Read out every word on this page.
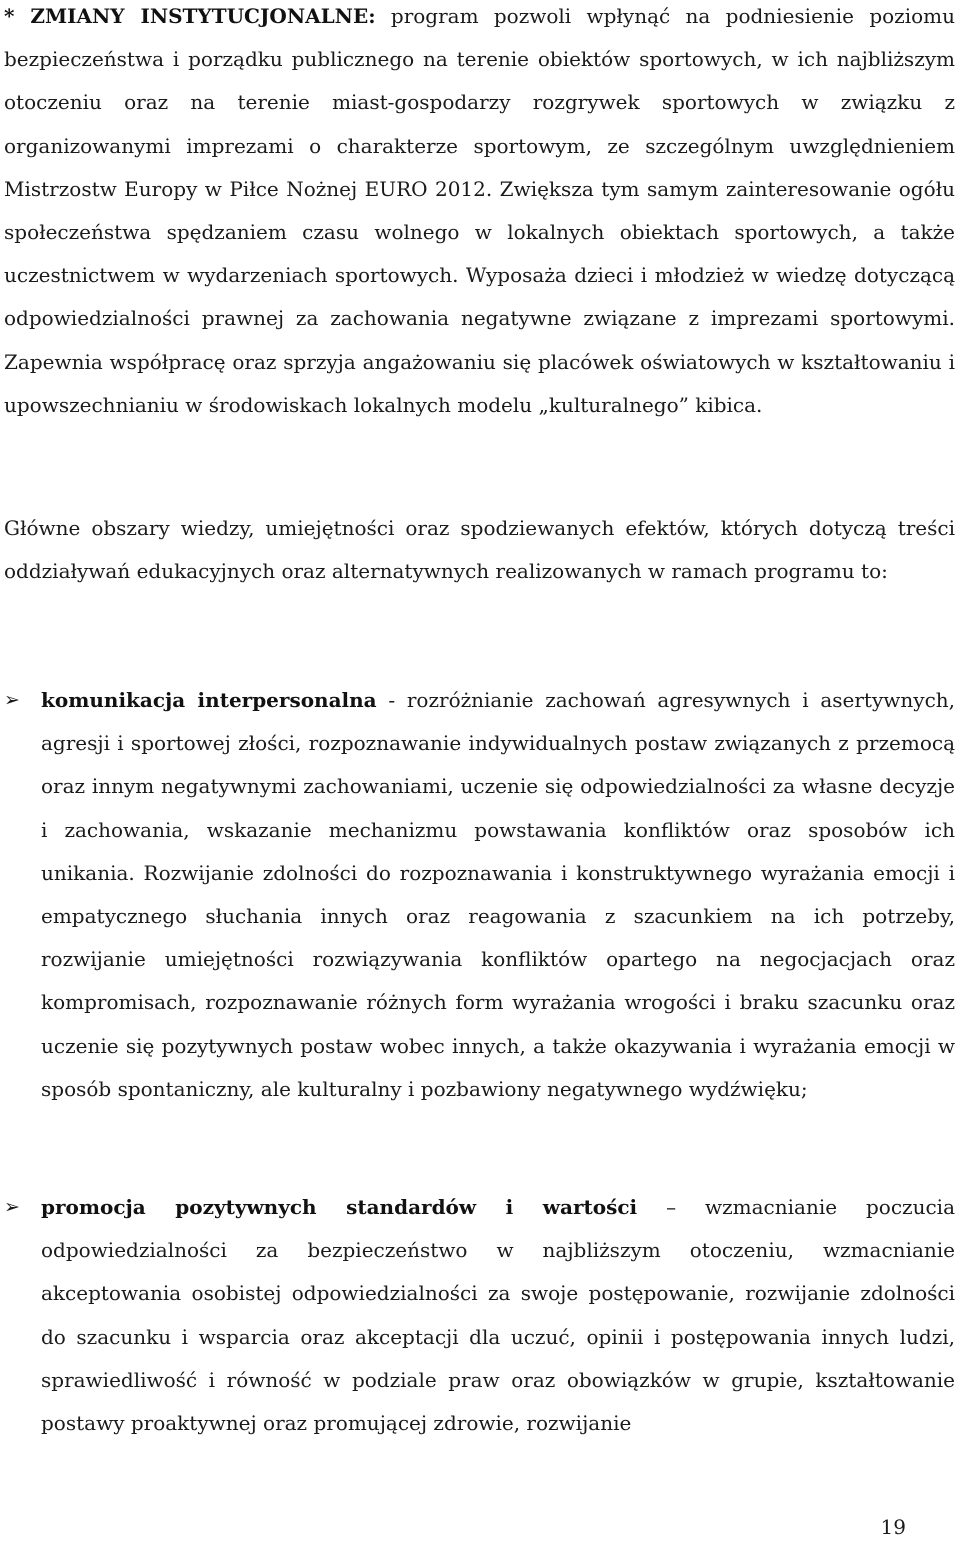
* ZMIANY INSTYTUCJONALNE: program pozwoli wpłynąć na podniesienie poziomu bezpieczeństwa i porządku publicznego na terenie obiektów sportowych, w ich najbliższym otoczeniu oraz na terenie miast-gospodarzy rozgrywek sportowych w związku z organizowanymi imprezami o charakterze sportowym, ze szczególnym uwzględnieniem Mistrzostw Europy w Piłce Nożnej EURO 2012. Zwiększa tym samym zainteresowanie ogółu społeczeństwa spędzaniem czasu wolnego w lokalnych obiektach sportowych, a także uczestnictwem w wydarzeniach sportowych. Wyposaża dzieci i młodzież w wiedzę dotyczącą odpowiedzialności prawnej za zachowania negatywne związane z imprezami sportowymi. Zapewnia współpracę oraz sprzyja angażowaniu się placówek oświatowych w kształtowaniu i upowszechnianiu w środowiskach lokalnych modelu „kulturalnego” kibica.

Główne obszary wiedzy, umiejętności oraz spodziewanych efektów, których dotyczą treści oddziaływań edukacyjnych oraz alternatywnych realizowanych w ramach programu to:

➢ komunikacja interpersonalna - rozróżnianie zachowań agresywnych i asertywnych, agresji i sportowej złości, rozpoznawanie indywidualnych postaw związanych z przemocą oraz innym negatywnymi zachowaniami, uczenie się odpowiedzialności za własne decyzje i zachowania, wskazanie mechanizmu powstawania konfliktów oraz sposobów ich unikania. Rozwijanie zdolności do rozpoznawania i konstruktywnego wyrażania emocji i empatycznego słuchania innych oraz reagowania z szacunkiem na ich potrzeby, rozwijanie umiejętności rozwiązywania konfliktów opartego na negocjacjach oraz kompromisach, rozpoznawanie różnych form wyrażania wrogości i braku szacunku oraz uczenie się pozytywnych postaw wobec innych, a także okazywania i wyrażania emocji w sposób spontaniczny, ale kulturalny i pozbawiony negatywnego wydźwięku;

➢ promocja pozytywnych standardów i wartości – wzmacnianie poczucia odpowiedzialności za bezpieczeństwo w najbliższym otoczeniu, wzmacnianie akceptowania osobistej odpowiedzialności za swoje postępowanie, rozwijanie zdolności do szacunku i wsparcia oraz akceptacji dla uczuć, opinii i postępowania innych ludzi, sprawiedliwość i równość w podziale praw oraz obowiązków w grupie, kształtowanie postawy proaktywnej oraz promującej zdrowie, rozwijanie

19
